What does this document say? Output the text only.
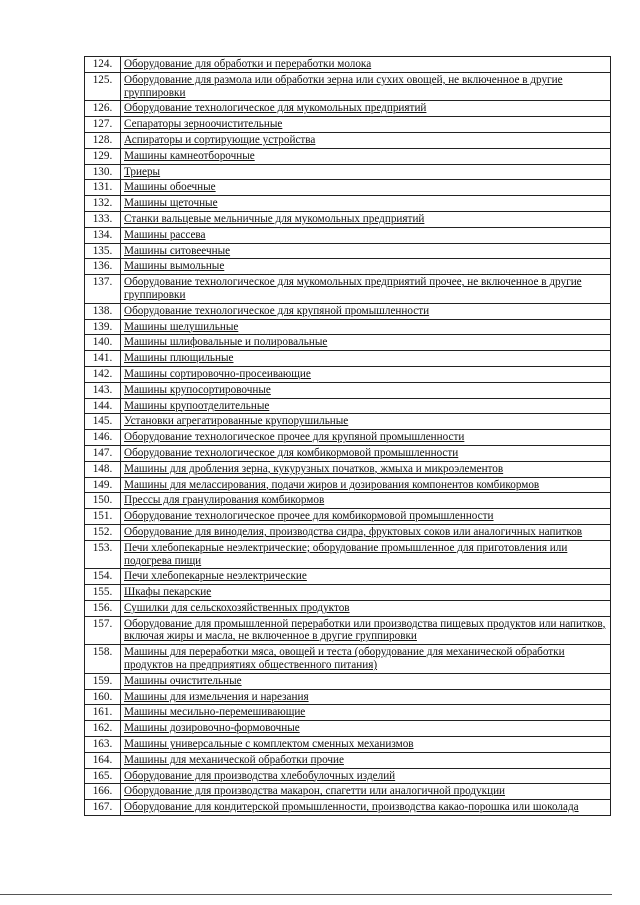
124.	Оборудование для обработки и переработки молока
125.	Оборудование для размола или обработки зерна или сухих овощей, не включенное в другие группировки
126.	Оборудование технологическое для мукомольных предприятий
127.	Сепараторы зерноочистительные
128.	Аспираторы и сортирующие устройства
129.	Машины камнеотборочные
130.	Триеры
131.	Машины обоечные
132.	Машины щеточные
133.	Станки вальцевые мельничные для мукомольных предприятий
134.	Машины рассева
135.	Машины ситовеечные
136.	Машины вымольные
137.	Оборудование технологическое для мукомольных предприятий прочее, не включенное в другие группировки
138.	Оборудование технологическое для крупяной промышленности
139.	Машины шелушильные
140.	Машины шлифовальные и полировальные
141.	Машины плющильные
142.	Машины сортировочно-просеивающие
143.	Машины крупосортировочные
144.	Машины крупоотделительные
145.	Установки агрегатированные крупорушильные
146.	Оборудование технологическое прочее для крупяной промышленности
147.	Оборудование технологическое для комбикормовой промышленности
148.	Машины для дробления зерна, кукурузных початков, жмыха и микроэлементов
149.	Машины для мелассирования, подачи жиров и дозирования компонентов комбикормов
150.	Прессы для гранулирования комбикормов
151.	Оборудование технологическое прочее для комбикормовой промышленности
152.	Оборудование для виноделия, производства сидра, фруктовых соков или аналогичных напитков
153.	Печи хлебопекарные неэлектрические; оборудование промышленное для приготовления или подогрева пищи
154.	Печи хлебопекарные неэлектрические
155.	Шкафы пекарские
156.	Сушилки для сельскохозяйственных продуктов
157.	Оборудование для промышленной переработки или производства пищевых продуктов или напитков, включая жиры и масла, не включенное в другие группировки
158.	Машины для переработки мяса, овощей и теста (оборудование для механической обработки продуктов на предприятиях общественного питания)
159.	Машины очистительные
160.	Машины для измельчения и нарезания
161.	Машины месильно-перемешивающие
162.	Машины дозировочно-формовочные
163.	Машины универсальные с комплектом сменных механизмов
164.	Машины для механической обработки прочие
165.	Оборудование для производства хлебобулочных изделий
166.	Оборудование для производства макарон, спагетти или аналогичной продукции
167.	Оборудование для кондитерской промышленности, производства какао-порошка или шоколада
